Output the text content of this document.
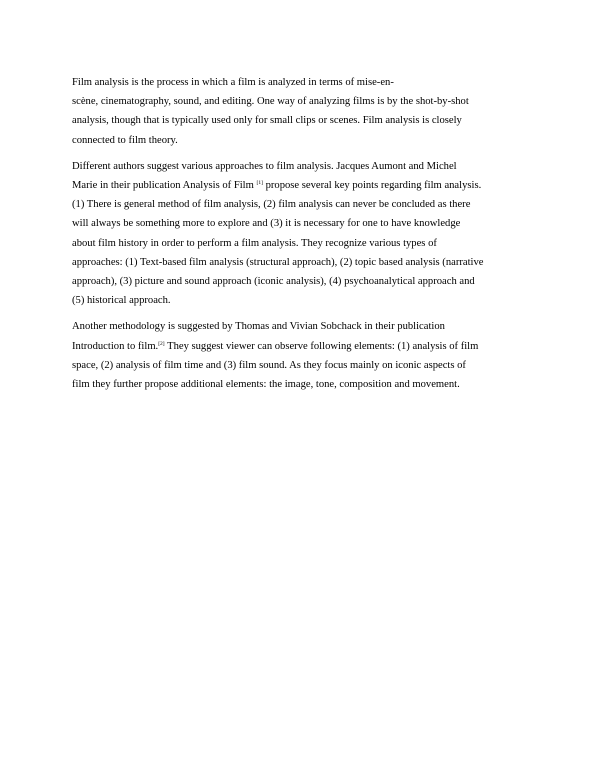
Film analysis is the process in which a film is analyzed in terms of mise-en-
scène, cinematography, sound, and editing. One way of analyzing films is by the shot-by-shot
analysis, though that is typically used only for small clips or scenes. Film analysis is closely
connected to film theory.

Different authors suggest various approaches to film analysis. Jacques Aumont and Michel
Marie in their publication Analysis of Film [1] propose several key points regarding film analysis.
(1) There is general method of film analysis, (2) film analysis can never be concluded as there
will always be something more to explore and (3) it is necessary for one to have knowledge
about film history in order to perform a film analysis. They recognize various types of
approaches: (1) Text-based film analysis (structural approach), (2) topic based analysis (narrative
approach), (3) picture and sound approach (iconic analysis), (4) psychoanalytical approach and
(5) historical approach.

Another methodology is suggested by Thomas and Vivian Sobchack in their publication
Introduction to film.[2] They suggest viewer can observe following elements: (1) analysis of film
space, (2) analysis of film time and (3) film sound. As they focus mainly on iconic aspects of
film they further propose additional elements: the image, tone, composition and movement.
